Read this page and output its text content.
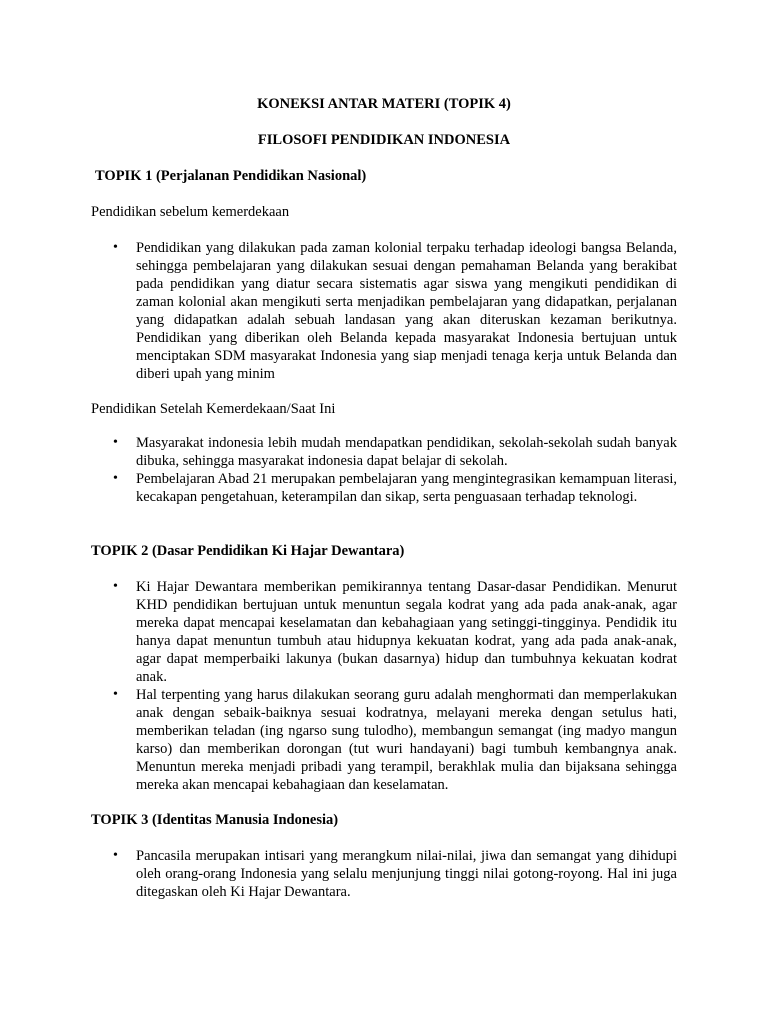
KONEKSI ANTAR MATERI (TOPIK 4)

FILOSOFI PENDIDIKAN INDONESIA

TOPIK 1 (Perjalanan Pendidikan Nasional)

Pendidikan sebelum kemerdekaan

• Pendidikan yang dilakukan pada zaman kolonial terpaku terhadap ideologi bangsa Belanda, sehingga pembelajaran yang dilakukan sesuai dengan pemahaman Belanda yang berakibat pada pendidikan yang diatur secara sistematis agar siswa yang mengikuti pendidikan di zaman kolonial akan mengikuti serta menjadikan pembelajaran yang didapatkan, perjalanan yang didapatkan adalah sebuah landasan yang akan diteruskan kezaman berikutnya. Pendidikan yang diberikan oleh Belanda kepada masyarakat Indonesia bertujuan untuk menciptakan SDM masyarakat Indonesia yang siap menjadi tenaga kerja untuk Belanda dan diberi upah yang minim

Pendidikan Setelah Kemerdekaan/Saat Ini

• Masyarakat indonesia lebih mudah mendapatkan pendidikan, sekolah-sekolah sudah banyak dibuka, sehingga masyarakat indonesia dapat belajar di sekolah.
• Pembelajaran Abad 21 merupakan pembelajaran yang mengintegrasikan kemampuan literasi, kecakapan pengetahuan, keterampilan dan sikap, serta penguasaan terhadap teknologi.

TOPIK 2 (Dasar Pendidikan Ki Hajar Dewantara)

• Ki Hajar Dewantara memberikan pemikirannya tentang Dasar-dasar Pendidikan. Menurut KHD pendidikan bertujuan untuk menuntun segala kodrat yang ada pada anak-anak, agar mereka dapat mencapai keselamatan dan kebahagiaan yang setinggi-tingginya. Pendidik itu hanya dapat menuntun tumbuh atau hidupnya kekuatan kodrat, yang ada pada anak-anak, agar dapat memperbaiki lakunya (bukan dasarnya) hidup dan tumbuhnya kekuatan kodrat anak.
• Hal terpenting yang harus dilakukan seorang guru adalah menghormati dan memperlakukan anak dengan sebaik-baiknya sesuai kodratnya, melayani mereka dengan setulus hati, memberikan teladan (ing ngarso sung tulodho), membangun semangat (ing madyo mangun karso) dan memberikan dorongan (tut wuri handayani) bagi tumbuh kembangnya anak. Menuntun mereka menjadi pribadi yang terampil, berakhlak mulia dan bijaksana sehingga mereka akan mencapai kebahagiaan dan keselamatan.

TOPIK 3 (Identitas Manusia Indonesia)

• Pancasila merupakan intisari yang merangkum nilai-nilai, jiwa dan semangat yang dihidupi oleh orang-orang Indonesia yang selalu menjunjung tinggi nilai gotong-royong. Hal ini juga ditegaskan oleh Ki Hajar Dewantara.
